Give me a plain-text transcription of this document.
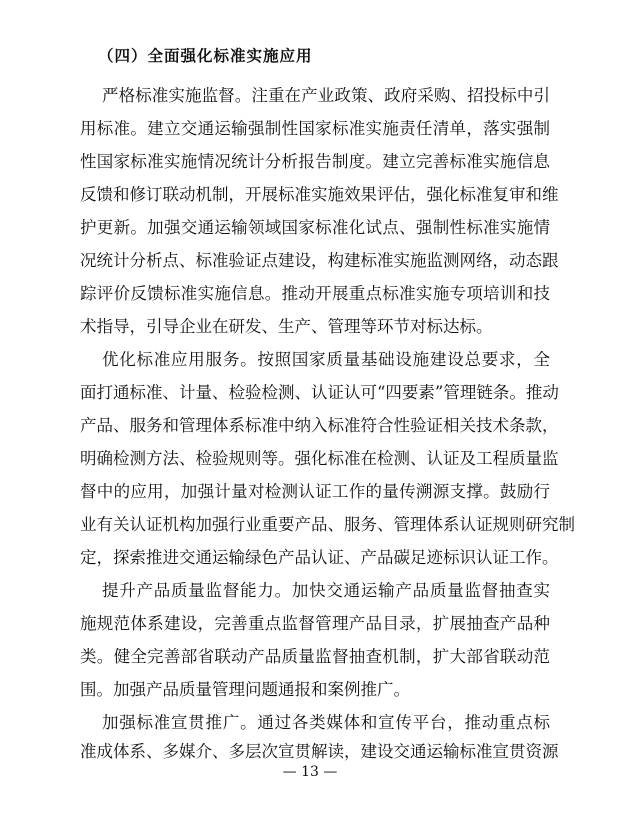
（四）全面强化标准实施应用
严格标准实施监督。注重在产业政策、政府采购、招投标中引
用标准。建立交通运输强制性国家标准实施责任清单，落实强制
性国家标准实施情况统计分析报告制度。建立完善标准实施信息
反馈和修订联动机制，开展标准实施效果评估，强化标准复审和维
护更新。加强交通运输领域国家标准化试点、强制性标准实施情
况统计分析点、标准验证点建设，构建标准实施监测网络，动态跟
踪评价反馈标准实施信息。推动开展重点标准实施专项培训和技
术指导，引导企业在研发、生产、管理等环节对标达标。
优化标准应用服务。按照国家质量基础设施建设总要求，全
面打通标准、计量、检验检测、认证认可“四要素”管理链条。推动
产品、服务和管理体系标准中纳入标准符合性验证相关技术条款，
明确检测方法、检验规则等。强化标准在检测、认证及工程质量监
督中的应用，加强计量对检测认证工作的量传溯源支撑。鼓励行
业有关认证机构加强行业重要产品、服务、管理体系认证规则研究制
定，探索推进交通运输绿色产品认证、产品碳足迹标识认证工作。
提升产品质量监督能力。加快交通运输产品质量监督抽查实
施规范体系建设，完善重点监督管理产品目录，扩展抽查产品种
类。健全完善部省联动产品质量监督抽查机制，扩大部省联动范
围。加强产品质量管理问题通报和案例推广。
加强标准宣贯推广。通过各类媒体和宣传平台，推动重点标
准成体系、多媒介、多层次宣贯解读，建设交通运输标准宣贯资源
— 13 —
